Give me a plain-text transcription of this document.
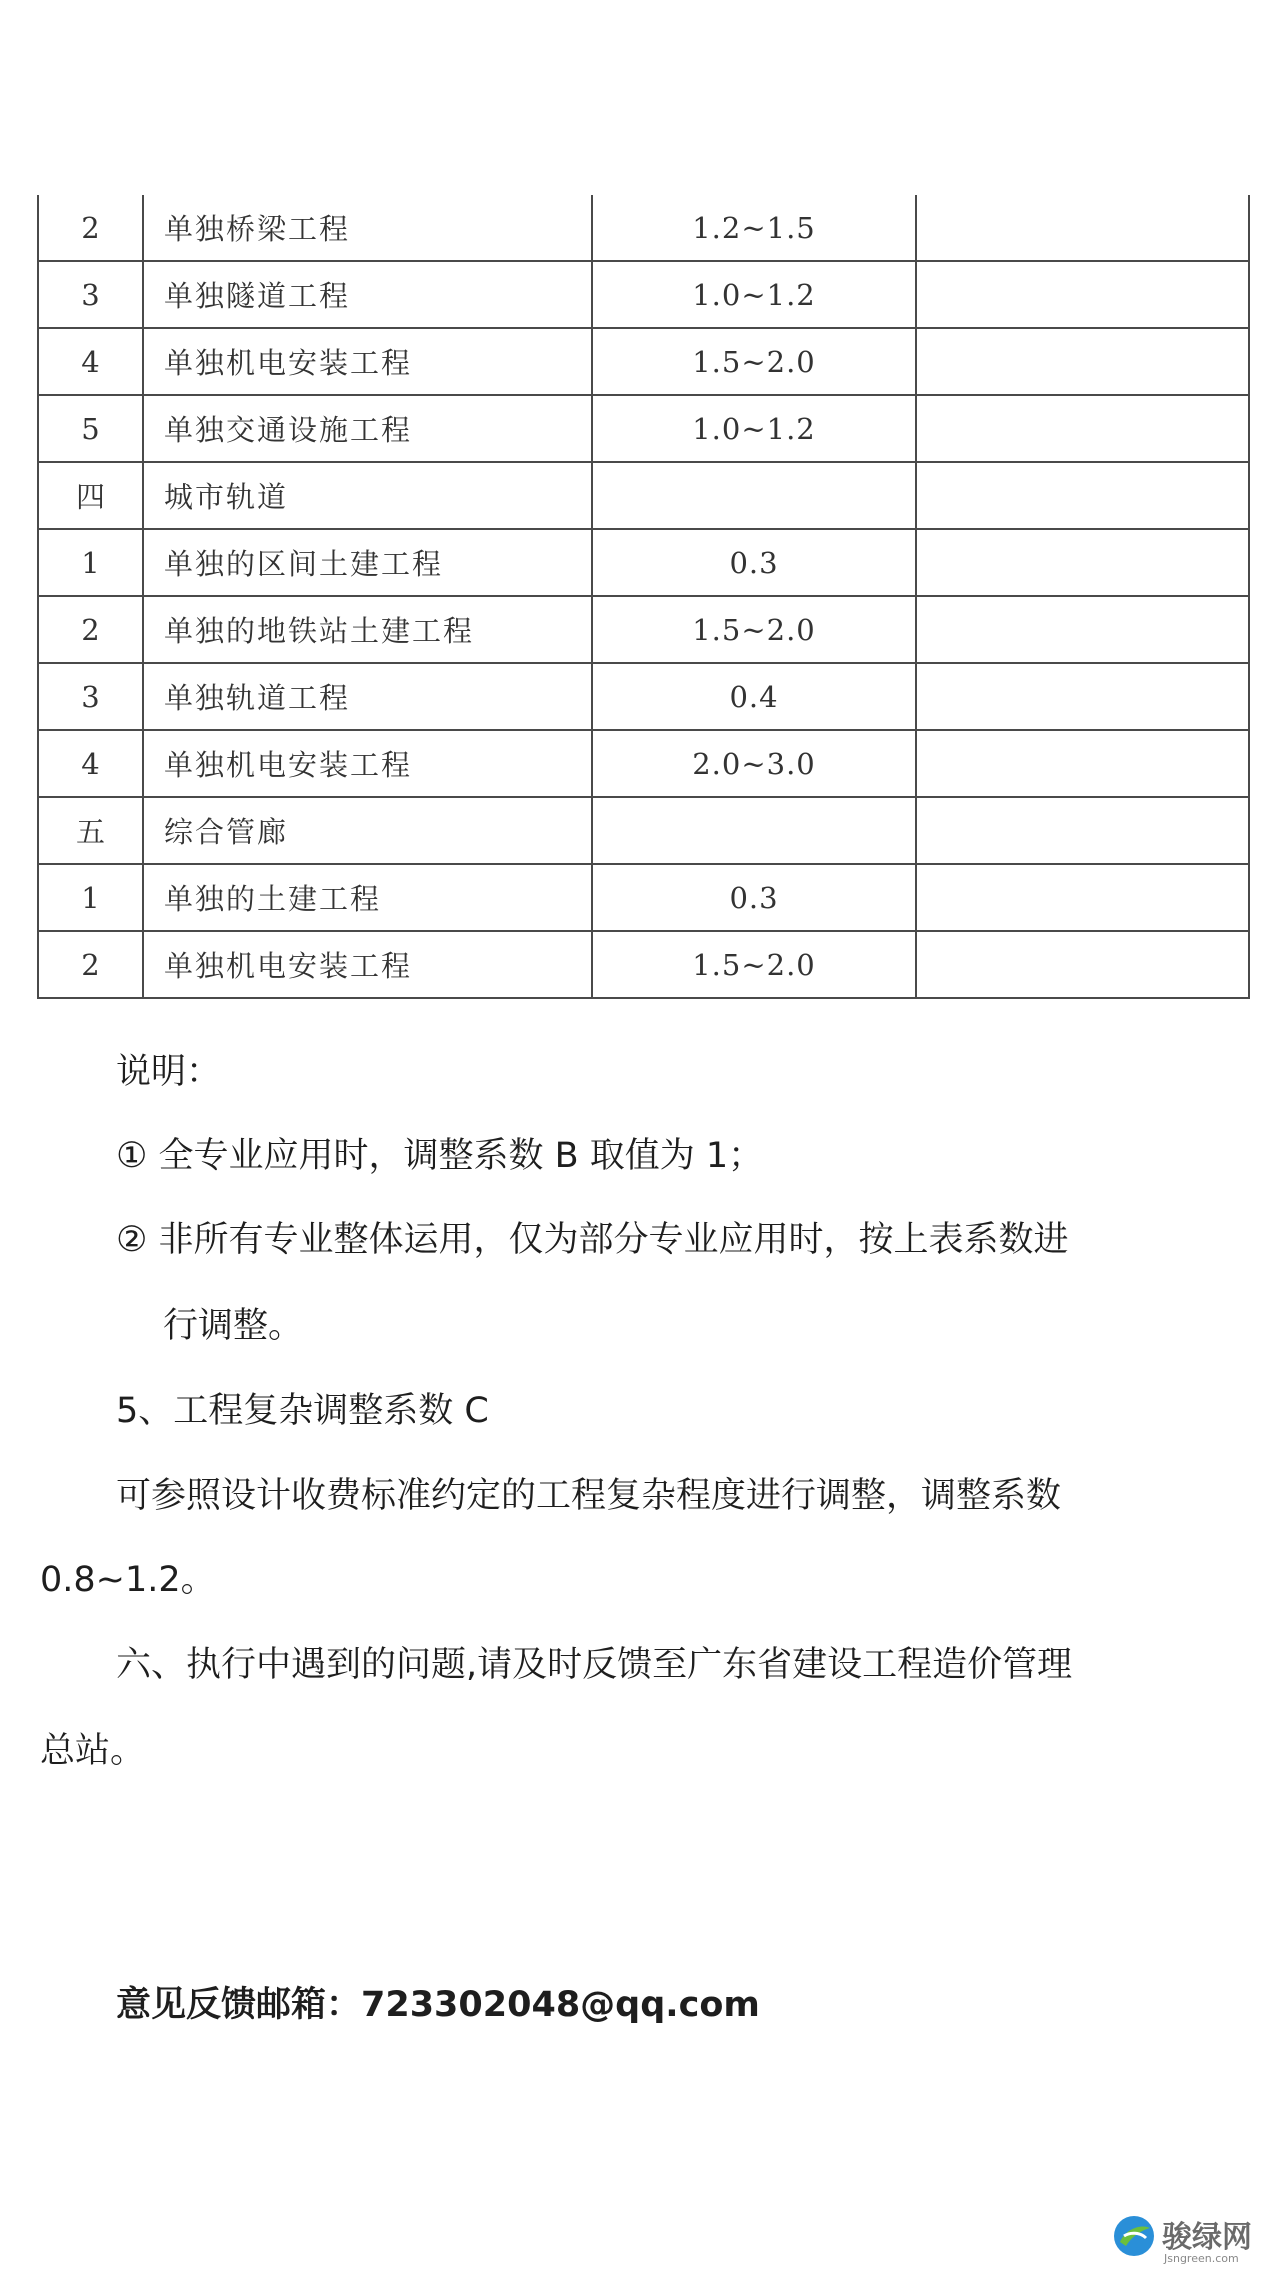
2	单独桥梁工程	1.2~1.5	
3	单独隧道工程	1.0~1.2	
4	单独机电安装工程	1.5~2.0	
5	单独交通设施工程	1.0~1.2	
四	城市轨道		
1	单独的区间土建工程	0.3	
2	单独的地铁站土建工程	1.5~2.0	
3	单独轨道工程	0.4	
4	单独机电安装工程	2.0~3.0	
五	综合管廊		
1	单独的土建工程	0.3	
2	单独机电安装工程	1.5~2.0	
说明：
① 全专业应用时，调整系数 B 取值为 1；
② 非所有专业整体运用，仅为部分专业应用时，按上表系数进
行调整。
5、工程复杂调整系数 C
可参照设计收费标准约定的工程复杂程度进行调整，调整系数
0.8~1.2。
六、执行中遇到的问题,请及时反馈至广东省建设工程造价管理
总站。
意见反馈邮箱：723302048@qq.com
骏绿网
Jsngreen.com
